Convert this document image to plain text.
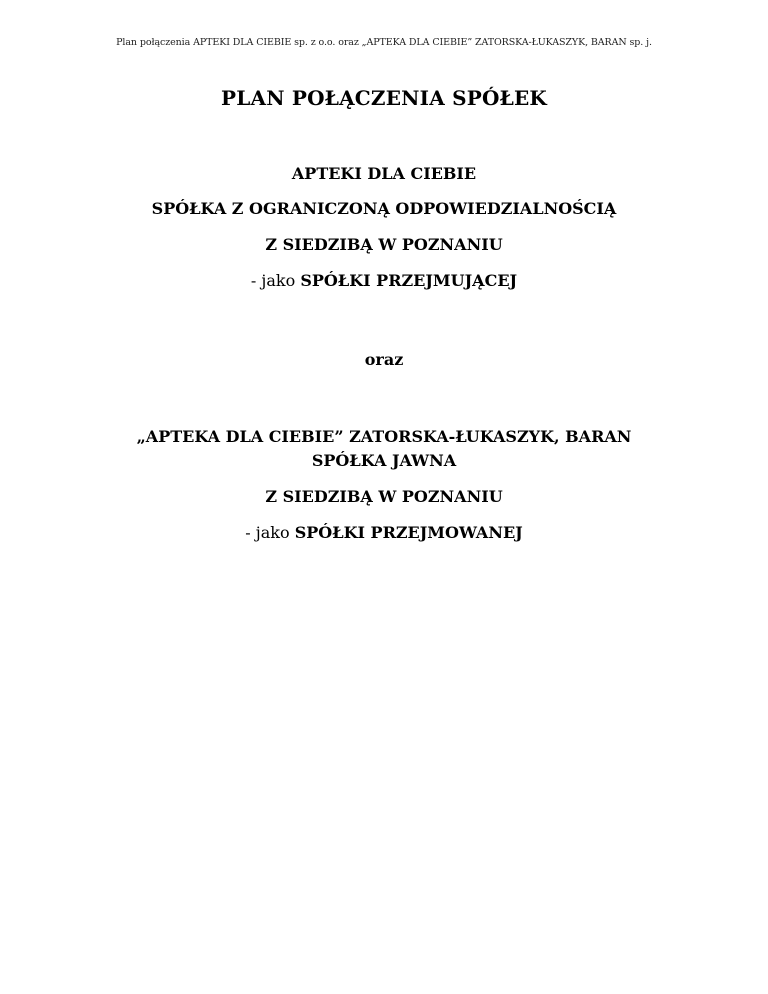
Plan połączenia APTEKI DLA CIEBIE sp. z o.o. oraz „APTEKA DLA CIEBIE” ZATORSKA-ŁUKASZYK, BARAN sp. j.
PLAN POŁĄCZENIA SPÓŁEK
APTEKI DLA CIEBIE
SPÓŁKA Z OGRANICZONĄ ODPOWIEDZIALNOŚCIĄ
Z SIEDZIBĄ W POZNANIU
- jako SPÓŁKI PRZEJMUJĄCEJ
oraz
„APTEKA DLA CIEBIE” ZATORSKA-ŁUKASZYK, BARAN
SPÓŁKA JAWNA
Z SIEDZIBĄ W POZNANIU
- jako SPÓŁKI PRZEJMOWANEJ
